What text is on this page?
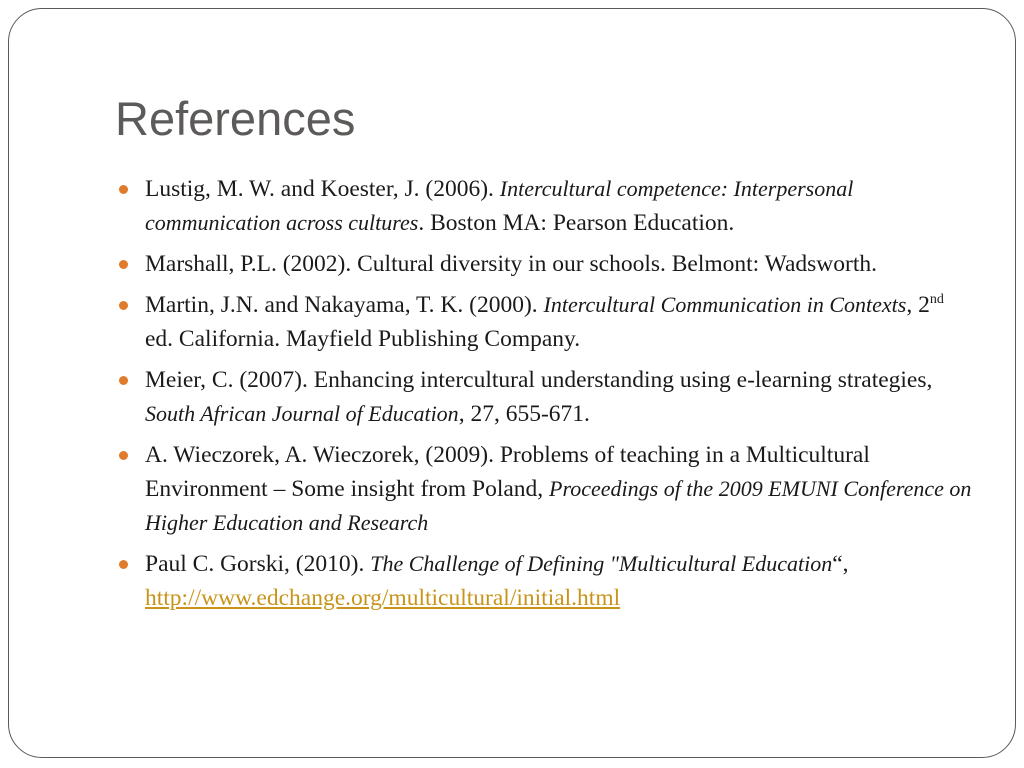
References
Lustig, M. W. and Koester, J. (2006). Intercultural competence: Interpersonal communication across cultures. Boston MA: Pearson Education.
Marshall, P.L. (2002). Cultural diversity in our schools. Belmont: Wadsworth.
Martin, J.N. and Nakayama, T. K. (2000). Intercultural Communication in Contexts, 2nd ed. California. Mayfield Publishing Company.
Meier, C. (2007). Enhancing intercultural understanding using e-learning strategies, South African Journal of Education, 27, 655-671.
A. Wieczorek, A. Wieczorek, (2009). Problems of teaching in a Multicultural Environment – Some insight from Poland, Proceedings of the 2009 EMUNI Conference on Higher Education and Research
Paul C. Gorski, (2010). The Challenge of Defining "Multicultural Education“, http://www.edchange.org/multicultural/initial.html
